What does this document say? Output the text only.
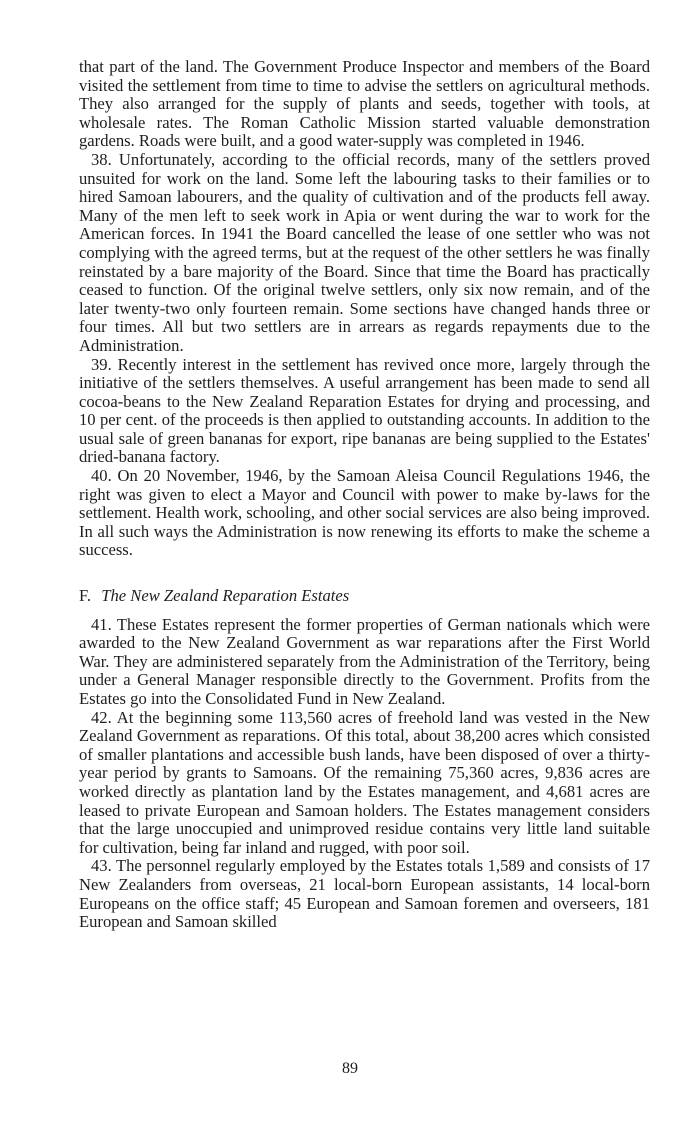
that part of the land. The Government Produce Inspector and members of the Board visited the settlement from time to time to advise the settlers on agricultural methods. They also arranged for the supply of plants and seeds, together with tools, at wholesale rates. The Roman Catholic Mission started valuable demonstration gardens. Roads were built, and a good water-supply was completed in 1946.

38. Unfortunately, according to the official records, many of the settlers proved unsuited for work on the land. Some left the labouring tasks to their families or to hired Samoan labourers, and the quality of cultivation and of the products fell away. Many of the men left to seek work in Apia or went during the war to work for the American forces. In 1941 the Board cancelled the lease of one settler who was not complying with the agreed terms, but at the request of the other settlers he was finally reinstated by a bare majority of the Board. Since that time the Board has practically ceased to function. Of the original twelve settlers, only six now remain, and of the later twenty-two only fourteen remain. Some sections have changed hands three or four times. All but two settlers are in arrears as regards repayments due to the Administration.

39. Recently interest in the settlement has revived once more, largely through the initiative of the settlers themselves. A useful arrangement has been made to send all cocoa-beans to the New Zealand Reparation Estates for drying and processing, and 10 per cent. of the proceeds is then applied to outstanding accounts. In addition to the usual sale of green bananas for export, ripe bananas are being supplied to the Estates' dried-banana factory.

40. On 20 November, 1946, by the Samoan Aleisa Council Regulations 1946, the right was given to elect a Mayor and Council with power to make by-laws for the settlement. Health work, schooling, and other social services are also being improved. In all such ways the Administration is now renewing its efforts to make the scheme a success.

F. The New Zealand Reparation Estates

41. These Estates represent the former properties of German nationals which were awarded to the New Zealand Government as war reparations after the First World War. They are administered separately from the Administration of the Territory, being under a General Manager responsible directly to the Government. Profits from the Estates go into the Consolidated Fund in New Zealand.

42. At the beginning some 113,560 acres of freehold land was vested in the New Zealand Government as reparations. Of this total, about 38,200 acres which consisted of smaller plantations and accessible bush lands, have been disposed of over a thirty-year period by grants to Samoans. Of the remaining 75,360 acres, 9,836 acres are worked directly as plantation land by the Estates management, and 4,681 acres are leased to private European and Samoan holders. The Estates management considers that the large unoccupied and unimproved residue contains very little land suitable for cultivation, being far inland and rugged, with poor soil.

43. The personnel regularly employed by the Estates totals 1,589 and consists of 17 New Zealanders from overseas, 21 local-born European assistants, 14 local-born Europeans on the office staff; 45 European and Samoan foremen and overseers, 181 European and Samoan skilled

89
